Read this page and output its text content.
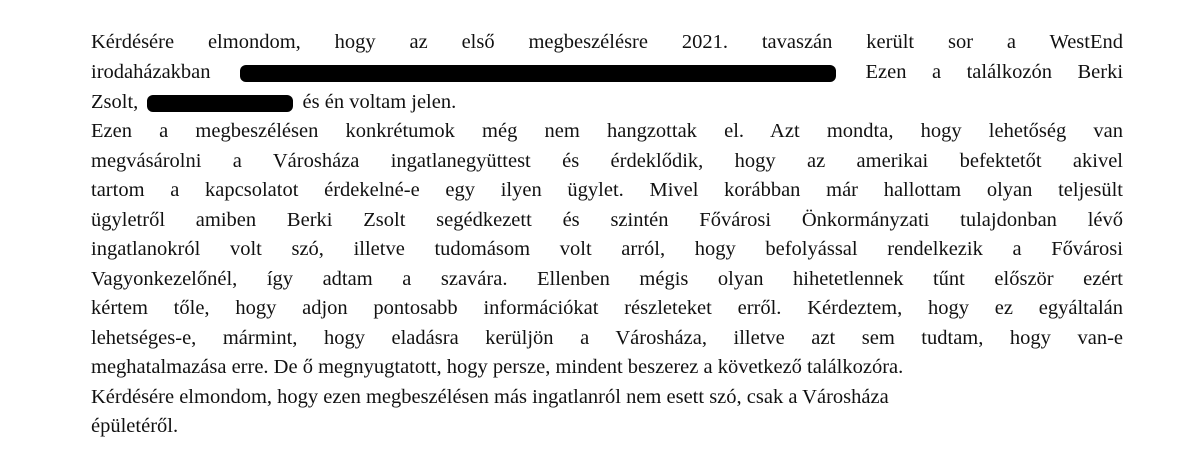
Kérdésére elmondom, hogy az első megbeszélésre 2021. tavaszán került sor a WestEnd
irodaházakban	Ezen a találkozón Berki
Zsolt,	és én voltam jelen.
Ezen a megbeszélésen konkrétumok még nem hangzottak el. Azt mondta, hogy lehetőség van
megvásárolni a Városháza ingatlanegyüttest és érdeklődik, hogy az amerikai befektetőt akivel
tartom a kapcsolatot érdekelné-e egy ilyen ügylet. Mivel korábban már hallottam olyan teljesült
ügyletről amiben Berki Zsolt segédkezett és szintén Fővárosi Önkormányzati tulajdonban lévő
ingatlanokról volt szó, illetve tudomásom volt arról, hogy befolyással rendelkezik a Fővárosi
Vagyonkezelőnél, így adtam a szavára. Ellenben mégis olyan hihetetlennek tűnt először ezért
kértem tőle, hogy adjon pontosabb információkat részleteket erről. Kérdeztem, hogy ez egyáltalán
lehetséges-e, mármint, hogy eladásra kerüljön a Városháza, illetve azt sem tudtam, hogy van-e
meghatalmazása erre. De ő megnyugtatott, hogy persze, mindent beszerez a következő találkozóra.
Kérdésére elmondom, hogy ezen megbeszélésen más ingatlanról nem esett szó, csak a Városháza
épületéről.
